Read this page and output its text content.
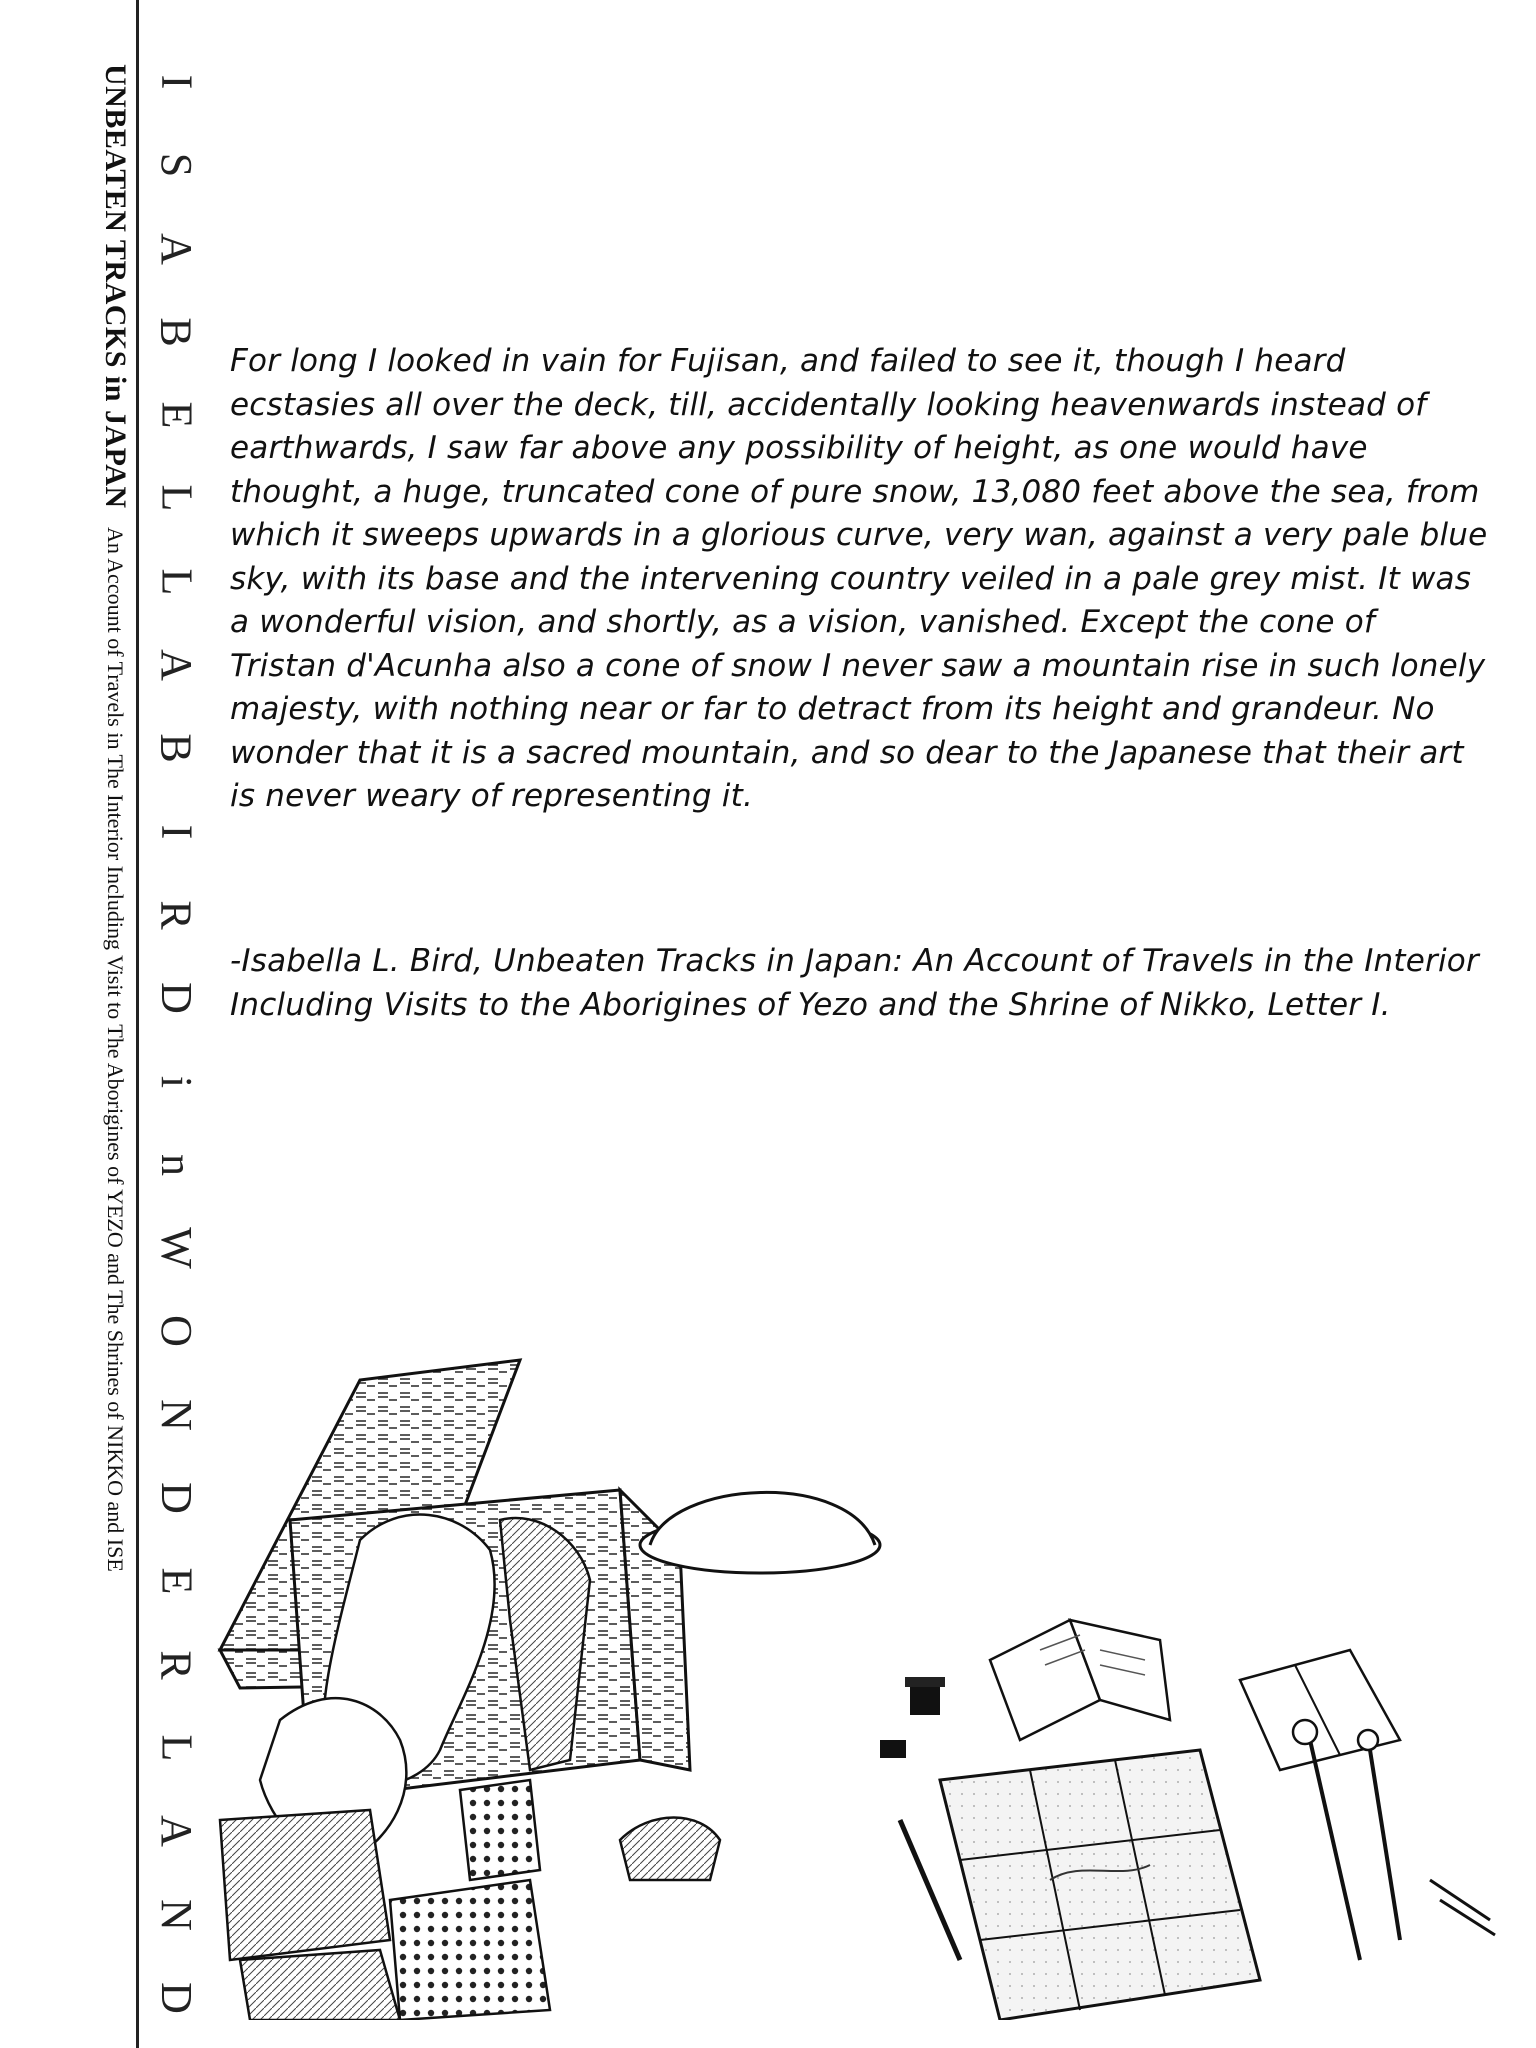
UNBEATEN TRACKS in JAPAN An Account of Travels in The Interior Including Visit to The Aborigines of YEZO and The Shrines of NIKKO and ISE
I
S
A
B
E
L
L
A
B
I
R
D
i
n
W
O
N
D
E
R
L
A
N
D
For long I looked in vain for Fujisan, and failed to see it, though I heard ecstasies all over the deck, till, accidentally looking heavenwards instead of earthwards, I saw far above any possibility of height, as one would have thought, a huge, truncated cone of pure snow, 13,080 feet above the sea, from which it sweeps upwards in a glorious curve, very wan, against a very pale blue sky, with its base and the intervening country veiled in a pale grey mist. It was a wonderful vision, and shortly, as a vision, vanished. Except the cone of Tristan d'Acunha also a cone of snow I never saw a mountain rise in such lonely majesty, with nothing near or far to detract from its height and grandeur. No wonder that it is a sacred mountain, and so dear to the Japanese that their art is never weary of representing it.
-Isabella L. Bird, Unbeaten Tracks in Japan: An Account of Travels in the Interior Including Visits to the Aborigines of Yezo and the Shrine of Nikko, Letter I.
